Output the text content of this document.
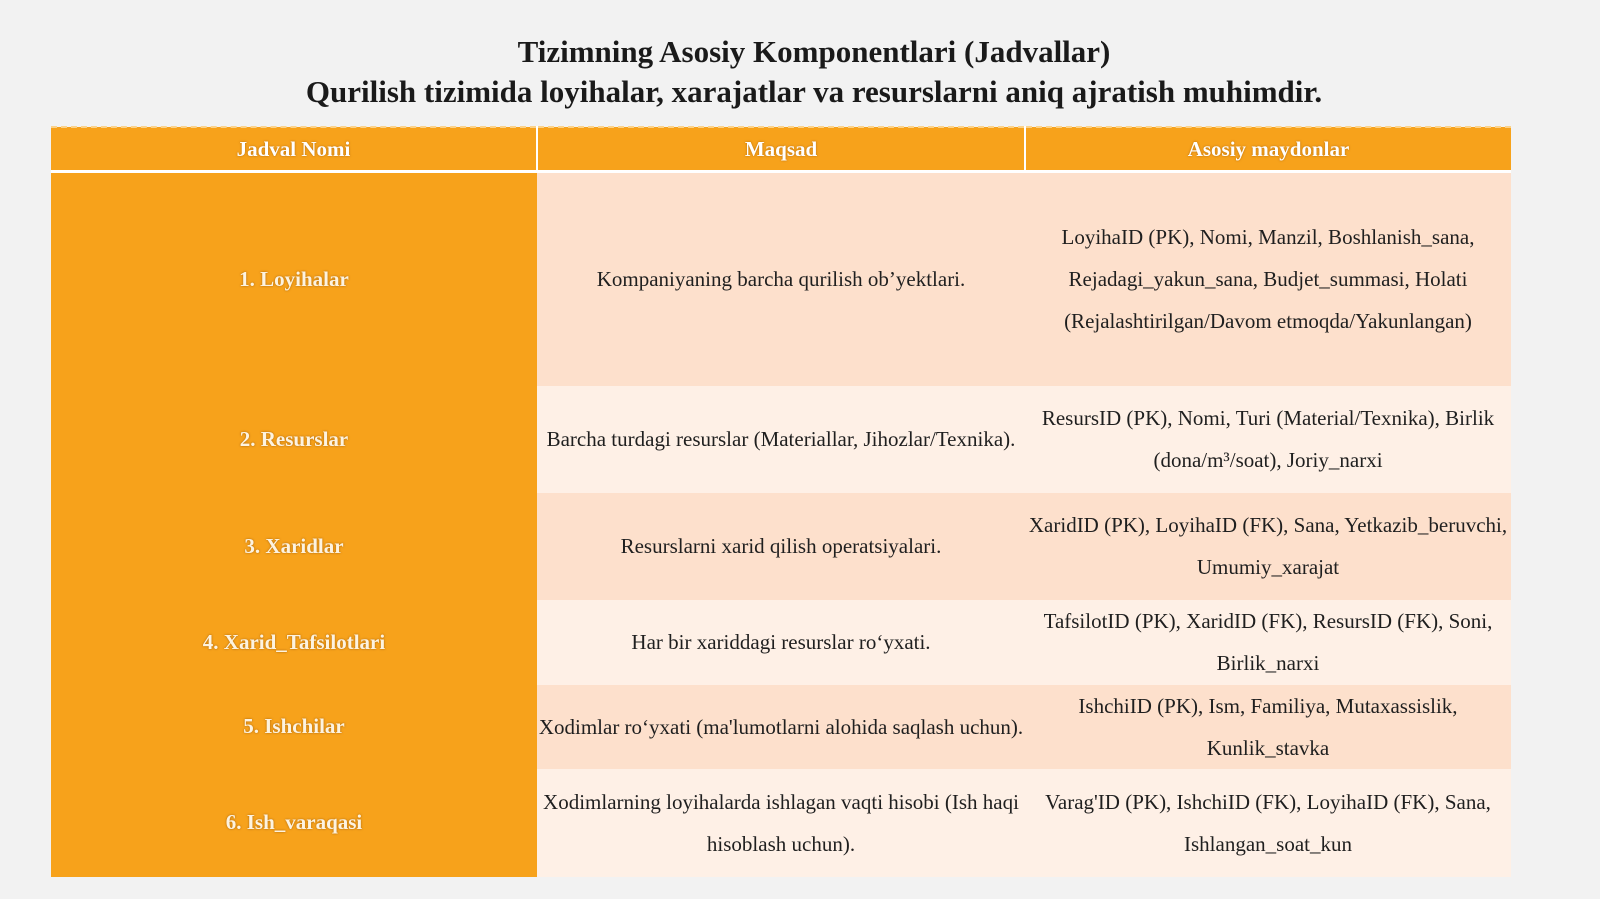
Tizimning Asosiy Komponentlari (Jadvallar)
Qurilish tizimida loyihalar, xarajatlar va resurslarni aniq ajratish muhimdir.
Jadval Nomi	Maqsad	Asosiy maydonlar
1. Loyihalar	Kompaniyaning barcha qurilish ob’yektlari.	LoyihaID (PK), Nomi, Manzil, Boshlanish_sana, Rejadagi_yakun_sana, Budjet_summasi, Holati (Rejalashtirilgan/Davom etmoqda/Yakunlangan)
2. Resurslar	Barcha turdagi resurslar (Materiallar, Jihozlar/Texnika).	ResursID (PK), Nomi, Turi (Material/Texnika), Birlik (dona/m³/soat), Joriy_narxi
3. Xaridlar	Resurslarni xarid qilish operatsiyalari.	XaridID (PK), LoyihaID (FK), Sana, Yetkazib_beruvchi, Umumiy_xarajat
4. Xarid_Tafsilotlari	Har bir xariddagi resurslar ro‘yxati.	TafsilotID (PK), XaridID (FK), ResursID (FK), Soni, Birlik_narxi
5. Ishchilar	Xodimlar ro‘yxati (ma'lumotlarni alohida saqlash uchun).	IshchiID (PK), Ism, Familiya, Mutaxassislik, Kunlik_stavka
6. Ish_varaqasi	Xodimlarning loyihalarda ishlagan vaqti hisobi (Ish haqi hisoblash uchun).	Varag'ID (PK), IshchiID (FK), LoyihaID (FK), Sana, Ishlangan_soat_kun
